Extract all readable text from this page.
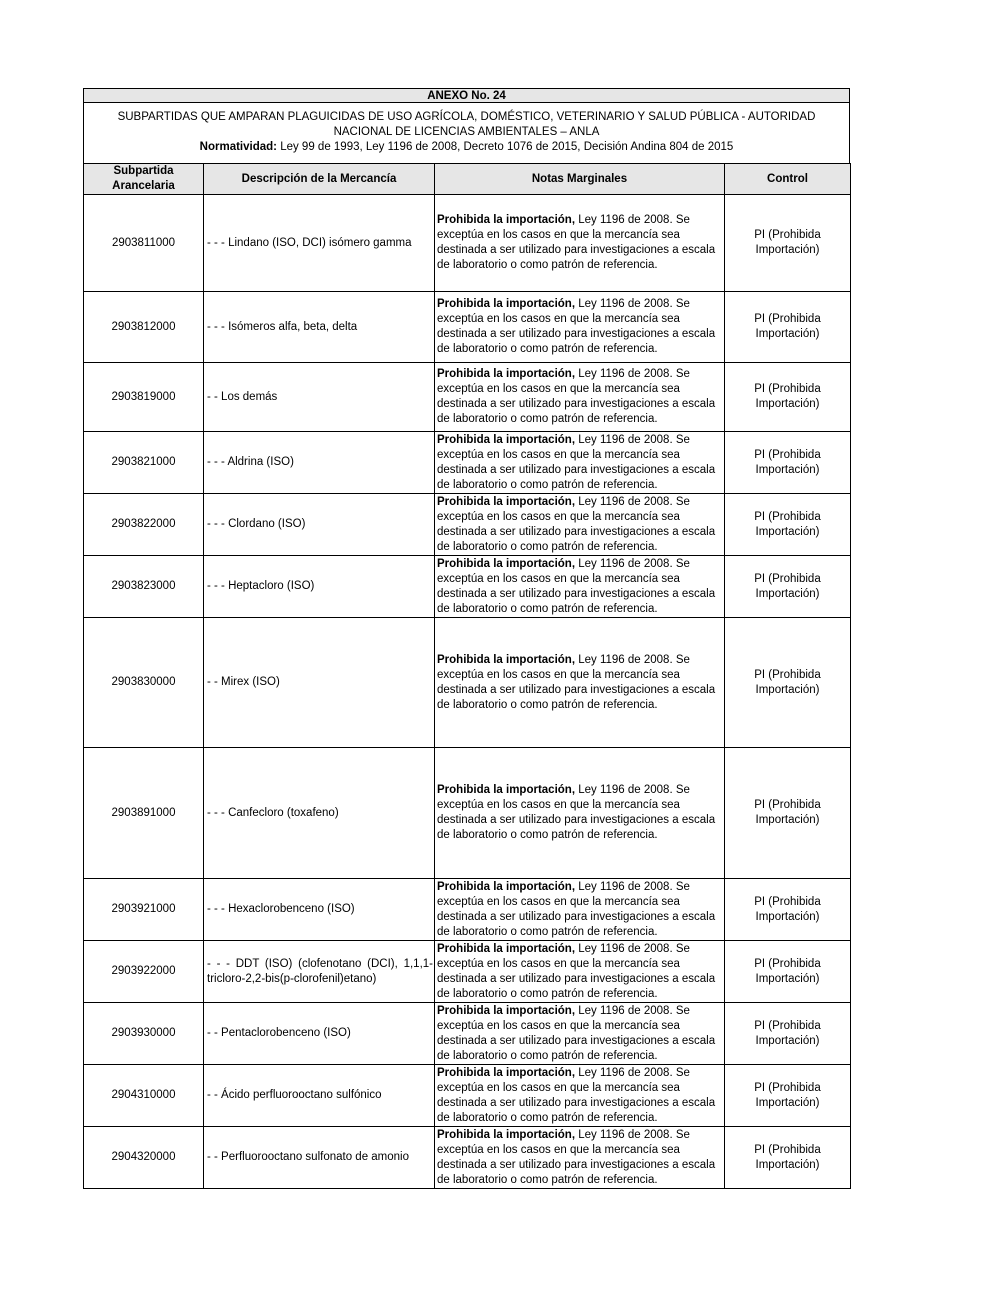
ANEXO No. 24
SUBPARTIDAS QUE AMPARAN PLAGUICIDAS DE USO AGRÍCOLA, DOMÉSTICO, VETERINARIO Y SALUD PÚBLICA - AUTORIDAD
NACIONAL DE LICENCIAS AMBIENTALES – ANLA
Normatividad: Ley 99 de 1993, Ley 1196 de 2008, Decreto 1076 de 2015, Decisión Andina 804 de 2015
Subpartida Arancelaria	Descripción de la Mercancía	Notas Marginales	Control
2903811000	- - - Lindano (ISO, DCI) isómero gamma	Prohibida la importación, Ley 1196 de 2008. Se exceptúa en los casos en que la mercancía sea destinada a ser utilizado para investigaciones a escala de laboratorio o como patrón de referencia.	PI (Prohibida Importación)
2903812000	- - - Isómeros alfa, beta, delta	Prohibida la importación, Ley 1196 de 2008. Se exceptúa en los casos en que la mercancía sea destinada a ser utilizado para investigaciones a escala de laboratorio o como patrón de referencia.	PI (Prohibida Importación)
2903819000	- - Los demás	Prohibida la importación, Ley 1196 de 2008. Se exceptúa en los casos en que la mercancía sea destinada a ser utilizado para investigaciones a escala de laboratorio o como patrón de referencia.	PI (Prohibida Importación)
2903821000	- - - Aldrina (ISO)	Prohibida la importación, Ley 1196 de 2008. Se exceptúa en los casos en que la mercancía sea destinada a ser utilizado para investigaciones a escala de laboratorio o como patrón de referencia.	PI (Prohibida Importación)
2903822000	- - - Clordano (ISO)	Prohibida la importación, Ley 1196 de 2008. Se exceptúa en los casos en que la mercancía sea destinada a ser utilizado para investigaciones a escala de laboratorio o como patrón de referencia.	PI (Prohibida Importación)
2903823000	- - - Heptacloro (ISO)	Prohibida la importación, Ley 1196 de 2008. Se exceptúa en los casos en que la mercancía sea destinada a ser utilizado para investigaciones a escala de laboratorio o como patrón de referencia.	PI (Prohibida Importación)
2903830000	- - Mirex (ISO)	Prohibida la importación, Ley 1196 de 2008. Se exceptúa en los casos en que la mercancía sea destinada a ser utilizado para investigaciones a escala de laboratorio o como patrón de referencia.	PI (Prohibida Importación)
2903891000	- - - Canfecloro (toxafeno)	Prohibida la importación, Ley 1196 de 2008. Se exceptúa en los casos en que la mercancía sea destinada a ser utilizado para investigaciones a escala de laboratorio o como patrón de referencia.	PI (Prohibida Importación)
2903921000	- - - Hexaclorobenceno (ISO)	Prohibida la importación, Ley 1196 de 2008. Se exceptúa en los casos en que la mercancía sea destinada a ser utilizado para investigaciones a escala de laboratorio o como patrón de referencia.	PI (Prohibida Importación)
2903922000	- - - DDT (ISO) (clofenotano (DCI), 1,1,1-tricloro-2,2-bis(p-clorofenil)etano)	Prohibida la importación, Ley 1196 de 2008. Se exceptúa en los casos en que la mercancía sea destinada a ser utilizado para investigaciones a escala de laboratorio o como patrón de referencia.	PI (Prohibida Importación)
2903930000	- - Pentaclorobenceno (ISO)	Prohibida la importación, Ley 1196 de 2008. Se exceptúa en los casos en que la mercancía sea destinada a ser utilizado para investigaciones a escala de laboratorio o como patrón de referencia.	PI (Prohibida Importación)
2904310000	- - Ácido perfluorooctano sulfónico	Prohibida la importación, Ley 1196 de 2008. Se exceptúa en los casos en que la mercancía sea destinada a ser utilizado para investigaciones a escala de laboratorio o como patrón de referencia.	PI (Prohibida Importación)
2904320000	- - Perfluorooctano sulfonato de amonio	Prohibida la importación, Ley 1196 de 2008. Se exceptúa en los casos en que la mercancía sea destinada a ser utilizado para investigaciones a escala de laboratorio o como patrón de referencia.	PI (Prohibida Importación)
